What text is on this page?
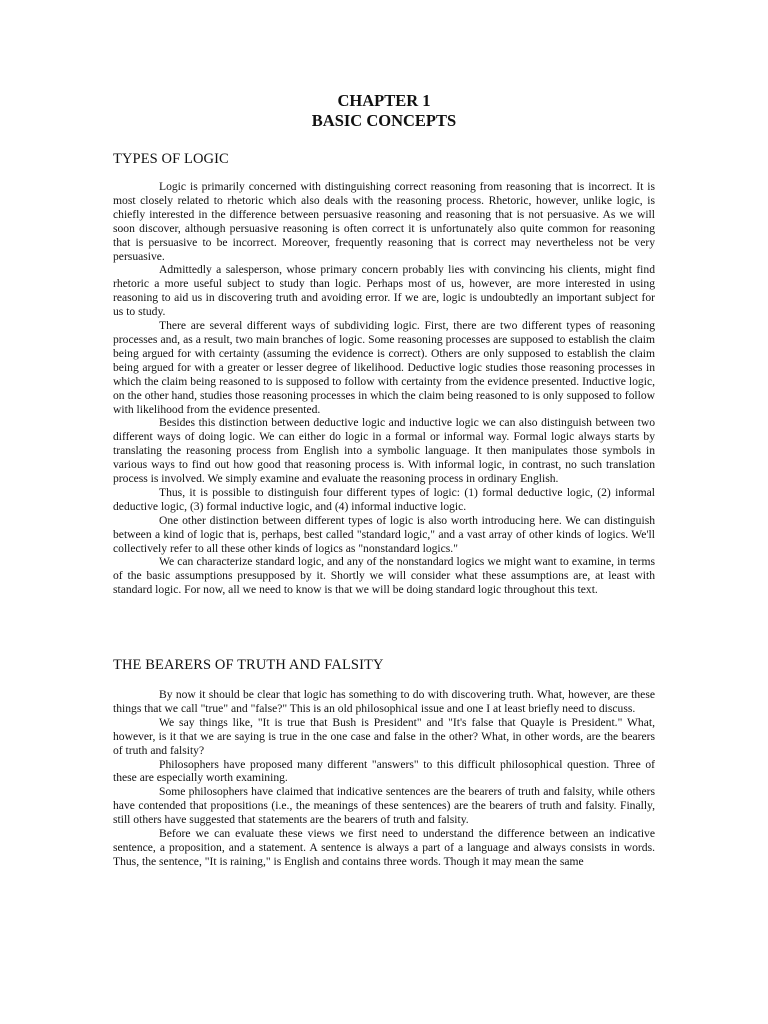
CHAPTER 1
BASIC CONCEPTS
TYPES OF LOGIC

Logic is primarily concerned with distinguishing correct reasoning from reasoning that is incorrect. It is most closely related to rhetoric which also deals with the reasoning process. Rhetoric, however, unlike logic, is chiefly interested in the difference between persuasive reasoning and reasoning that is not persuasive. As we will soon discover, although persuasive reasoning is often correct it is unfortunately also quite common for reasoning that is persuasive to be incorrect. Moreover, frequently reasoning that is correct may nevertheless not be very persuasive.

Admittedly a salesperson, whose primary concern probably lies with convincing his clients, might find rhetoric a more useful subject to study than logic. Perhaps most of us, however, are more interested in using reasoning to aid us in discovering truth and avoiding error. If we are, logic is undoubtedly an important subject for us to study.

There are several different ways of subdividing logic. First, there are two different types of reasoning processes and, as a result, two main branches of logic. Some reasoning processes are supposed to establish the claim being argued for with certainty (assuming the evidence is correct). Others are only supposed to establish the claim being argued for with a greater or lesser degree of likelihood. Deductive logic studies those reasoning processes in which the claim being reasoned to is supposed to follow with certainty from the evidence presented. Inductive logic, on the other hand, studies those reasoning processes in which the claim being reasoned to is only supposed to follow with likelihood from the evidence presented.

Besides this distinction between deductive logic and inductive logic we can also distinguish between two different ways of doing logic. We can either do logic in a formal or informal way. Formal logic always starts by translating the reasoning process from English into a symbolic language. It then manipulates those symbols in various ways to find out how good that reasoning process is. With informal logic, in contrast, no such translation process is involved. We simply examine and evaluate the reasoning process in ordinary English.

Thus, it is possible to distinguish four different types of logic: (1) formal deductive logic, (2) informal deductive logic, (3) formal inductive logic, and (4) informal inductive logic.

One other distinction between different types of logic is also worth introducing here. We can distinguish between a kind of logic that is, perhaps, best called "standard logic," and a vast array of other kinds of logics. We'll collectively refer to all these other kinds of logics as "nonstandard logics."

We can characterize standard logic, and any of the nonstandard logics we might want to examine, in terms of the basic assumptions presupposed by it. Shortly we will consider what these assumptions are, at least with standard logic. For now, all we need to know is that we will be doing standard logic throughout this text.

THE BEARERS OF TRUTH AND FALSITY

By now it should be clear that logic has something to do with discovering truth. What, however, are these things that we call "true" and "false?" This is an old philosophical issue and one I at least briefly need to discuss.

We say things like, "It is true that Bush is President" and "It's false that Quayle is President." What, however, is it that we are saying is true in the one case and false in the other? What, in other words, are the bearers of truth and falsity?

Philosophers have proposed many different "answers" to this difficult philosophical question. Three of these are especially worth examining.

Some philosophers have claimed that indicative sentences are the bearers of truth and falsity, while others have contended that propositions (i.e., the meanings of these sentences) are the bearers of truth and falsity. Finally, still others have suggested that statements are the bearers of truth and falsity.

Before we can evaluate these views we first need to understand the difference between an indicative sentence, a proposition, and a statement. A sentence is always a part of a language and always consists in words. Thus, the sentence, "It is raining," is English and contains three words. Though it may mean the same
